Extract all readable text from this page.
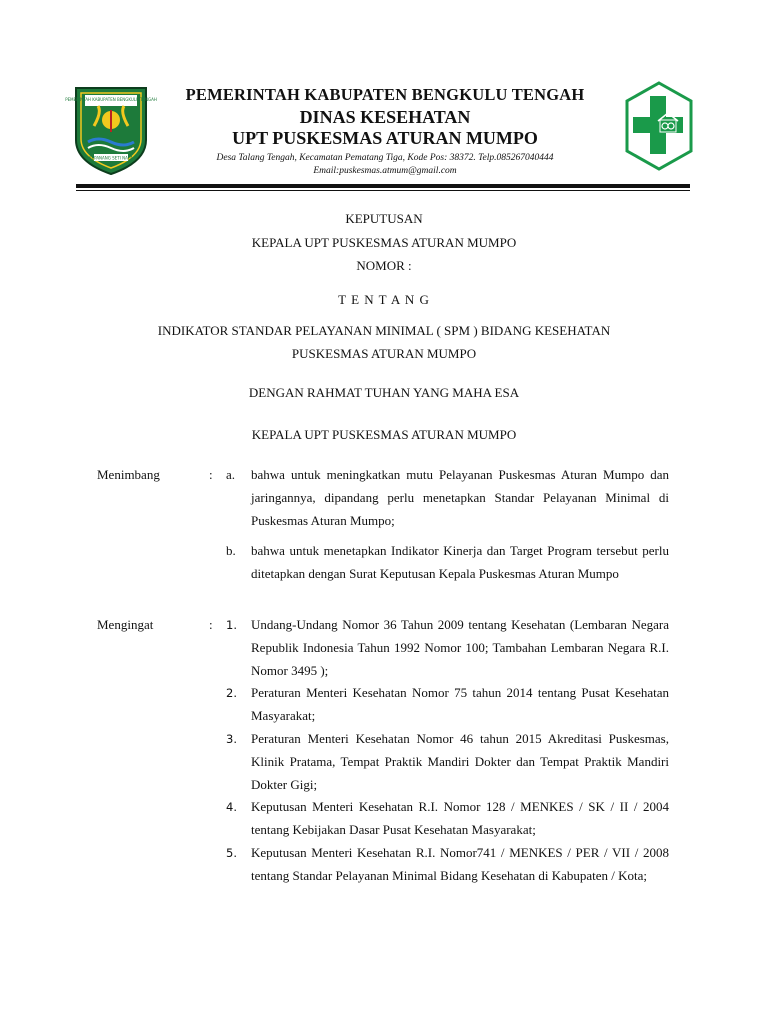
PEMERINTAH KABUPATEN BENGKULU TENGAH
SEPANANG SETI NALA
PEMERINTAH KABUPATEN BENGKULU TENGAH
DINAS KESEHATAN
UPT PUSKESMAS ATURAN MUMPO
Desa Talang Tengah, Kecamatan Pematang Tiga, Kode Pos: 38372. Telp.085267040444
Email:puskesmas.atmum@gmail.com
KEPUTUSAN
KEPALA UPT PUSKESMAS ATURAN MUMPO
NOMOR :
T E N T A N G
INDIKATOR STANDAR PELAYANAN MINIMAL ( SPM ) BIDANG KESEHATAN
PUSKESMAS ATURAN MUMPO
DENGAN RAHMAT TUHAN YANG MAHA ESA
KEPALA UPT PUSKESMAS ATURAN MUMPO
Menimbang	: a. bahwa untuk meningkatkan mutu Pelayanan Puskesmas Aturan Mumpo dan jaringannya, dipandang perlu menetapkan Standar Pelayanan Minimal di Puskesmas Aturan Mumpo;
b. bahwa untuk menetapkan Indikator Kinerja dan Target Program tersebut perlu ditetapkan dengan Surat Keputusan Kepala Puskesmas Aturan Mumpo
Mengingat	: 1. Undang-Undang Nomor 36 Tahun 2009 tentang Kesehatan (Lembaran Negara Republik Indonesia Tahun 1992 Nomor 100; Tambahan Lembaran Negara R.I. Nomor 3495 );
2. Peraturan Menteri Kesehatan Nomor 75 tahun 2014 tentang Pusat Kesehatan Masyarakat;
3. Peraturan Menteri Kesehatan Nomor 46 tahun 2015 Akreditasi Puskesmas, Klinik Pratama, Tempat Praktik Mandiri Dokter dan Tempat Praktik Mandiri Dokter Gigi;
4. Keputusan Menteri Kesehatan R.I. Nomor 128 / MENKES / SK / II / 2004 tentang Kebijakan Dasar Pusat Kesehatan Masyarakat;
5. Keputusan Menteri Kesehatan R.I. Nomor741 / MENKES / PER / VII / 2008 tentang Standar Pelayanan Minimal Bidang Kesehatan di Kabupaten / Kota;
